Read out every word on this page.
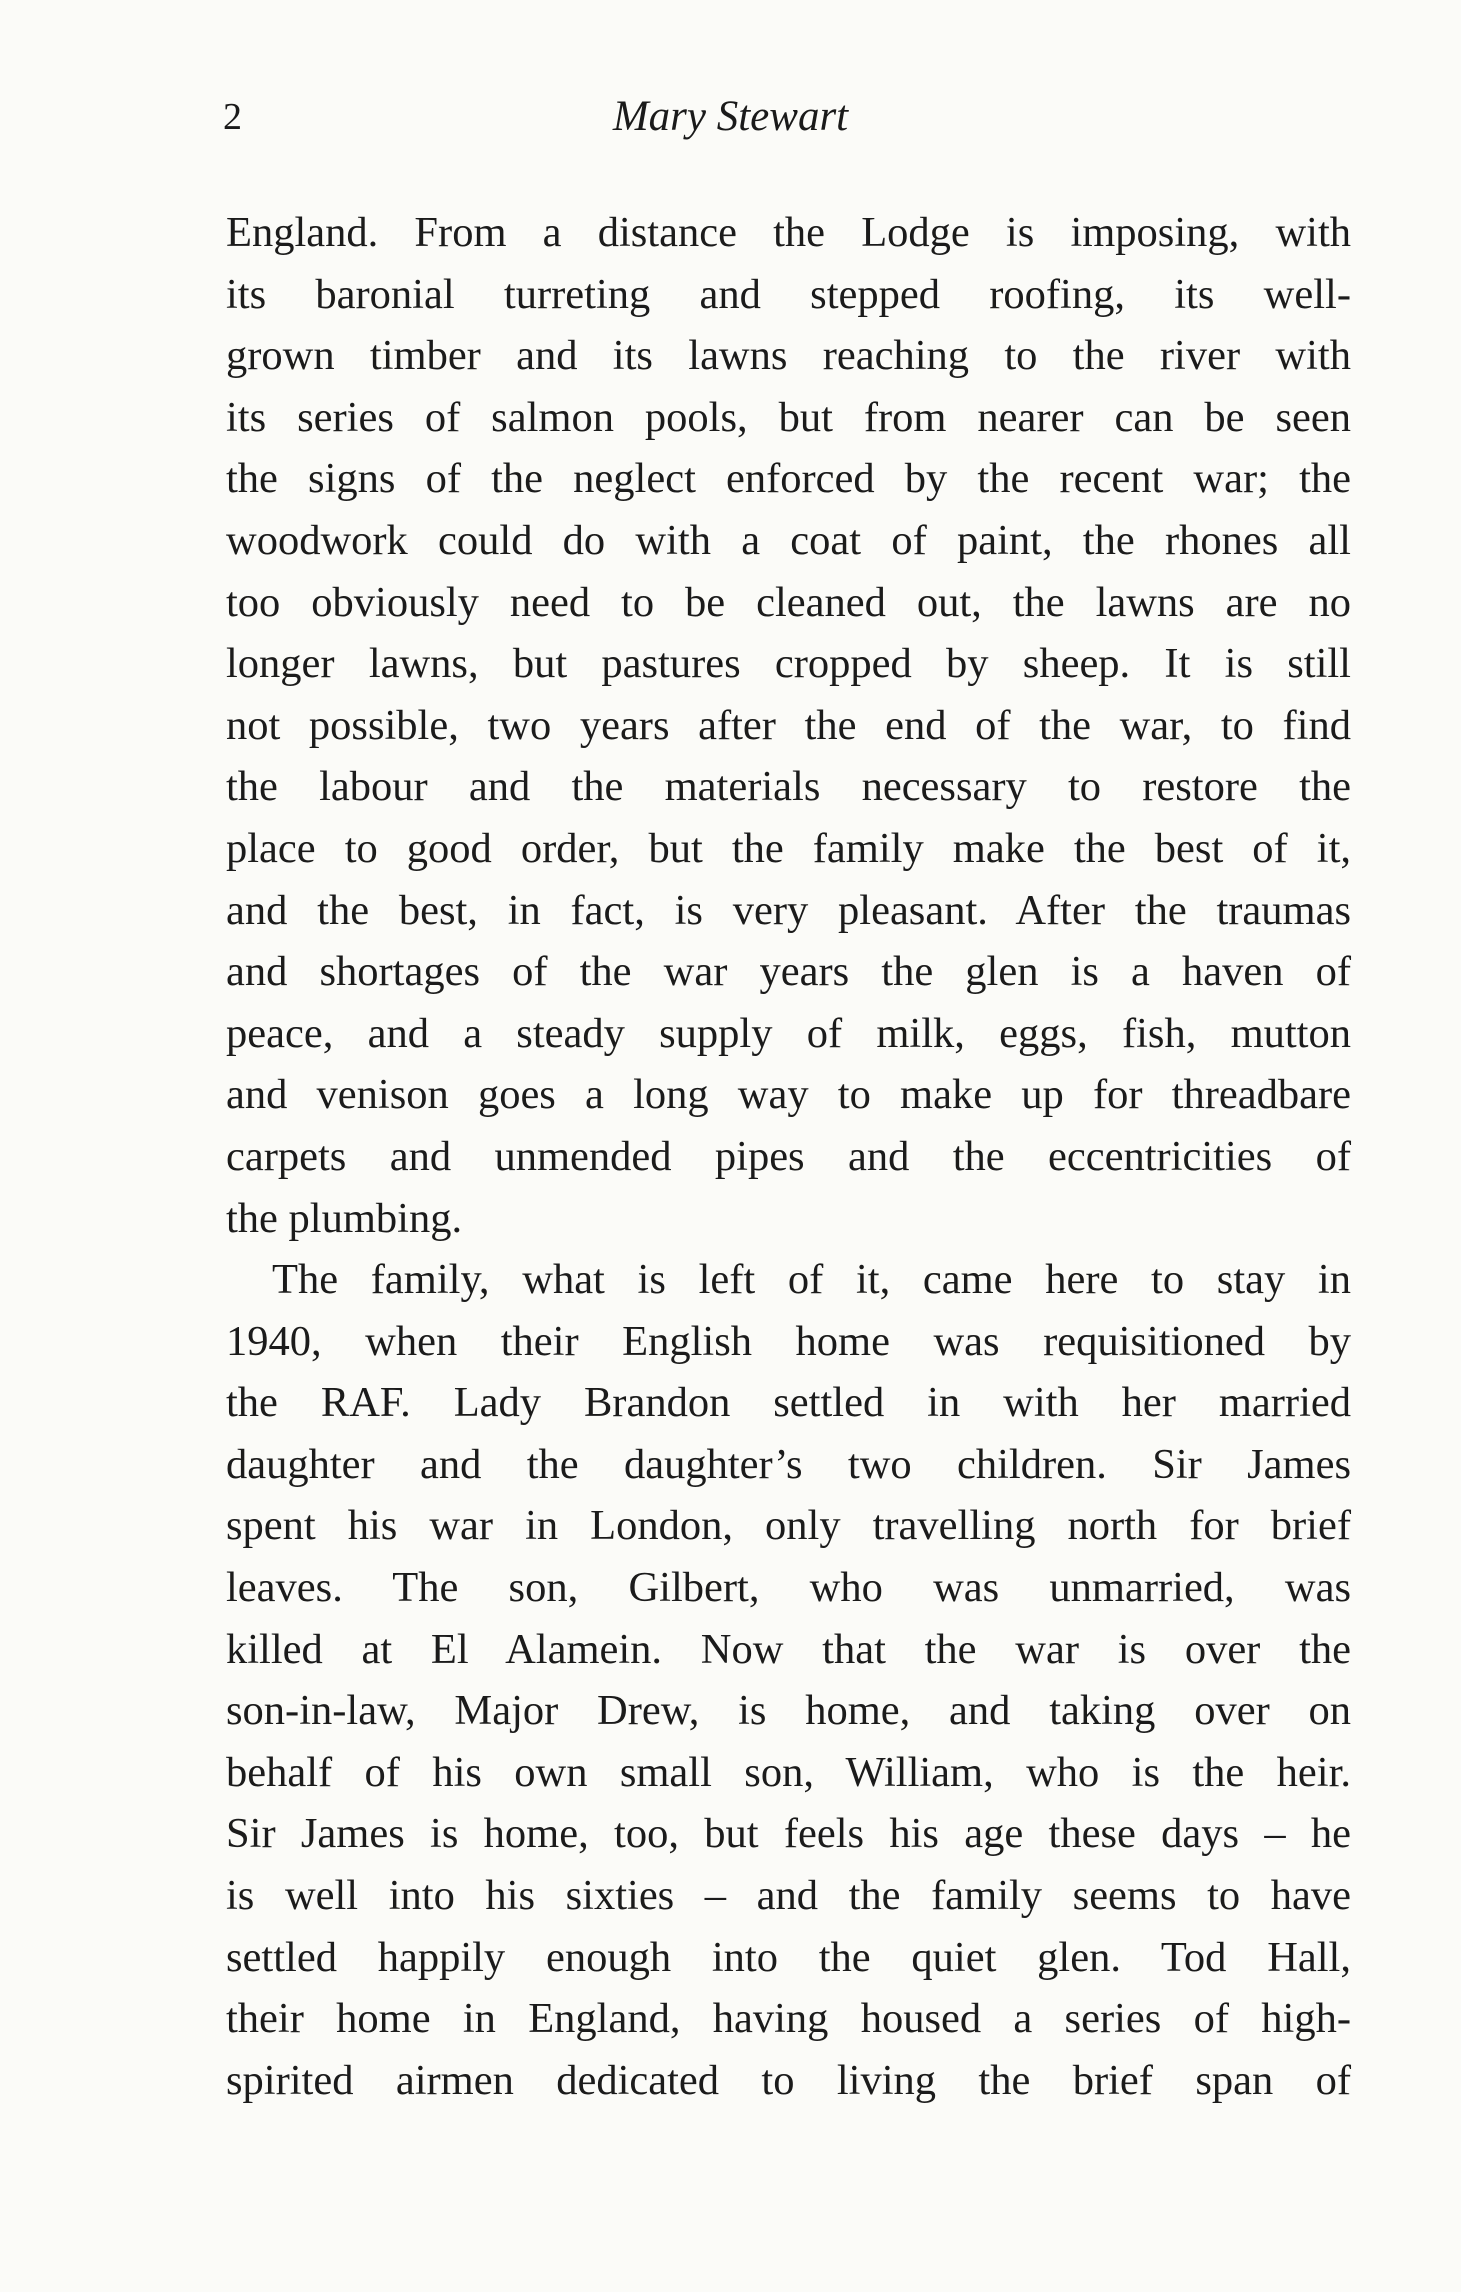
2	Mary Stewart
England. From a distance the Lodge is imposing, with
its baronial turreting and stepped roofing, its well-
grown timber and its lawns reaching to the river with
its series of salmon pools, but from nearer can be seen
the signs of the neglect enforced by the recent war; the
woodwork could do with a coat of paint, the rhones all
too obviously need to be cleaned out, the lawns are no
longer lawns, but pastures cropped by sheep. It is still
not possible, two years after the end of the war, to find
the labour and the materials necessary to restore the
place to good order, but the family make the best of it,
and the best, in fact, is very pleasant. After the traumas
and shortages of the war years the glen is a haven of
peace, and a steady supply of milk, eggs, fish, mutton
and venison goes a long way to make up for threadbare
carpets and unmended pipes and the eccentricities of
the plumbing.
The family, what is left of it, came here to stay in
1940, when their English home was requisitioned by
the RAF. Lady Brandon settled in with her married
daughter and the daughter’s two children. Sir James
spent his war in London, only travelling north for brief
leaves. The son, Gilbert, who was unmarried, was
killed at El Alamein. Now that the war is over the
son-in-law, Major Drew, is home, and taking over on
behalf of his own small son, William, who is the heir.
Sir James is home, too, but feels his age these days – he
is well into his sixties – and the family seems to have
settled happily enough into the quiet glen. Tod Hall,
their home in England, having housed a series of high-
spirited airmen dedicated to living the brief span of
